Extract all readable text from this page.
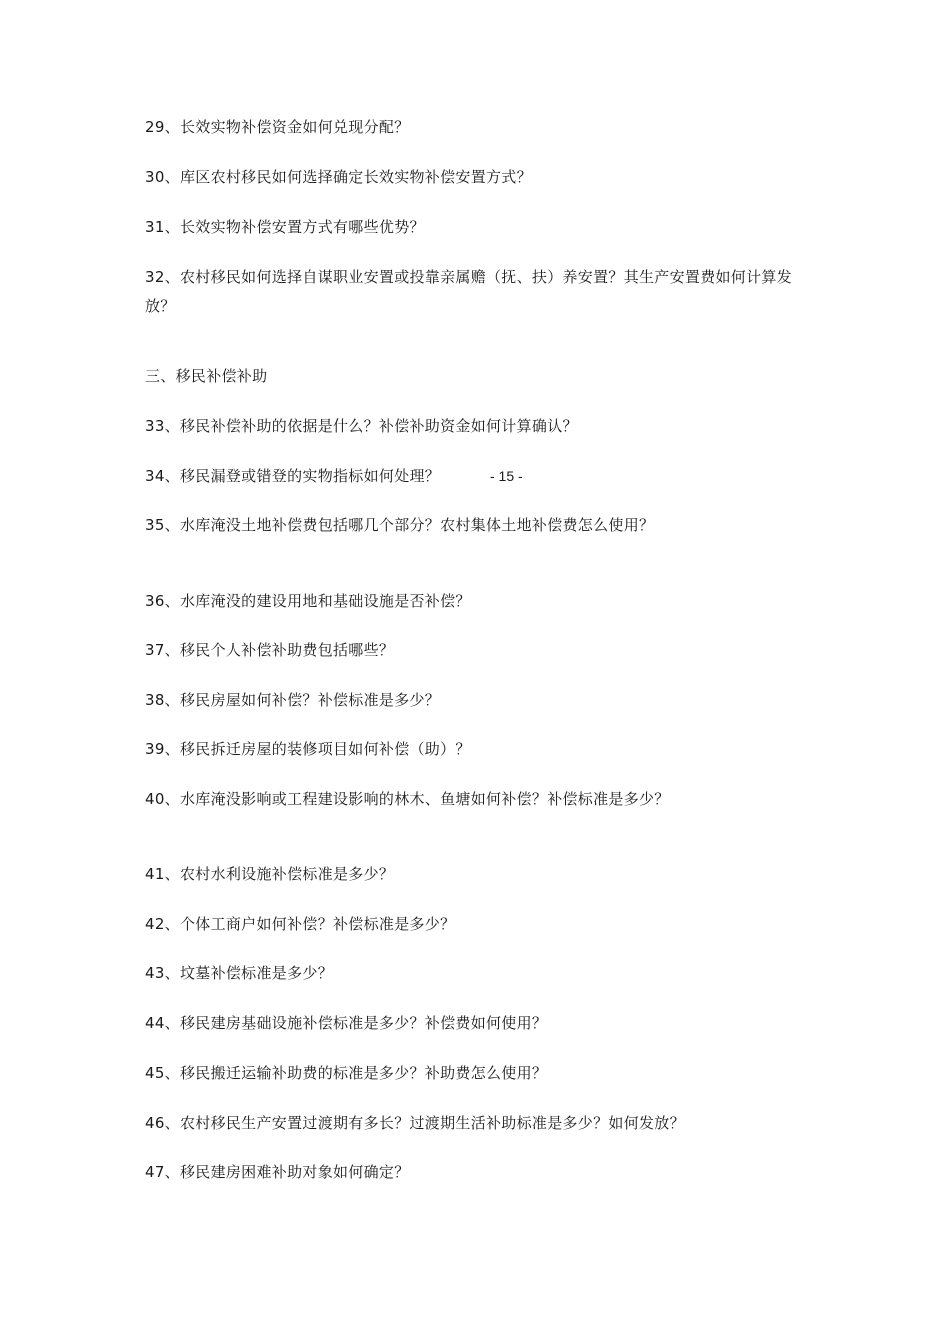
29、长效实物补偿资金如何兑现分配？
30、库区农村移民如何选择确定长效实物补偿安置方式？
31、长效实物补偿安置方式有哪些优势？
32、农村移民如何选择自谋职业安置或投靠亲属赡（抚、扶）养安置？其生产安置费如何计算发放？
三、移民补偿补助
33、移民补偿补助的依据是什么？补偿补助资金如何计算确认？
34、移民漏登或错登的实物指标如何处理？	- 15 -
35、水库淹没土地补偿费包括哪几个部分？农村集体土地补偿费怎么使用？
36、水库淹没的建设用地和基础设施是否补偿？
37、移民个人补偿补助费包括哪些？
38、移民房屋如何补偿？补偿标准是多少？
39、移民拆迁房屋的装修项目如何补偿（助）？
40、水库淹没影响或工程建设影响的林木、鱼塘如何补偿？补偿标准是多少？
41、农村水利设施补偿标准是多少？
42、个体工商户如何补偿？补偿标准是多少？
43、坟墓补偿标准是多少？
44、移民建房基础设施补偿标准是多少？补偿费如何使用？
45、移民搬迁运输补助费的标准是多少？补助费怎么使用？
46、农村移民生产安置过渡期有多长？过渡期生活补助标准是多少？如何发放？
47、移民建房困难补助对象如何确定？
